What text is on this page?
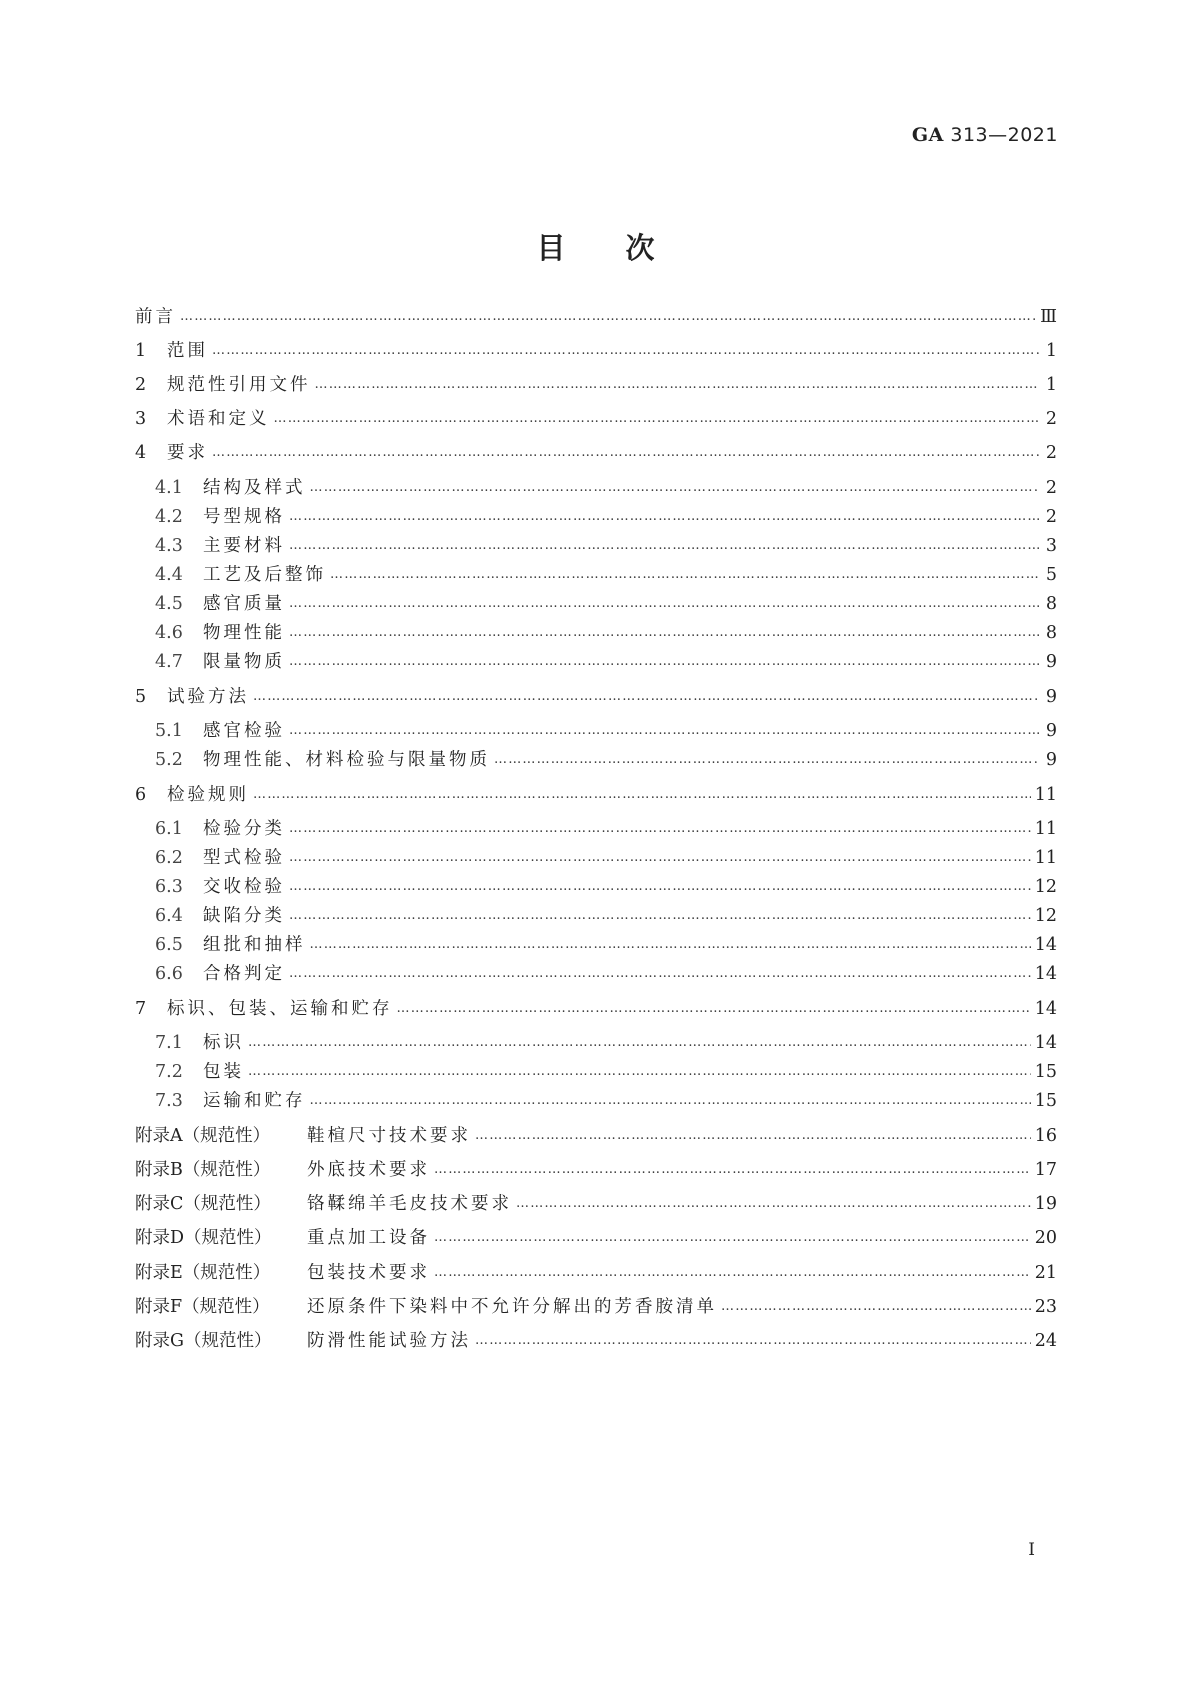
GA 313—2021
目 次
前言 ……………………………………………………………………………………………………………………………………………………………………………………………………………………………………	Ⅲ
1	范围 ……………………………………………………………………………………………………………………………………………………………………………………………………………………………………	1
2	规范性引用文件 ……………………………………………………………………………………………………………………………………………………………………………………………………………………………………	1
3	术语和定义 ……………………………………………………………………………………………………………………………………………………………………………………………………………………………………	2
4	要求 ……………………………………………………………………………………………………………………………………………………………………………………………………………………………………	2
4.1	结构及样式 ……………………………………………………………………………………………………………………………………………………………………………………………………………………………………	2
4.2	号型规格 ……………………………………………………………………………………………………………………………………………………………………………………………………………………………………	2
4.3	主要材料 ……………………………………………………………………………………………………………………………………………………………………………………………………………………………………	3
4.4	工艺及后整饰 ……………………………………………………………………………………………………………………………………………………………………………………………………………………………………	5
4.5	感官质量 ……………………………………………………………………………………………………………………………………………………………………………………………………………………………………	8
4.6	物理性能 ……………………………………………………………………………………………………………………………………………………………………………………………………………………………………	8
4.7	限量物质 ……………………………………………………………………………………………………………………………………………………………………………………………………………………………………	9
5	试验方法 ……………………………………………………………………………………………………………………………………………………………………………………………………………………………………	9
5.1	感官检验 ……………………………………………………………………………………………………………………………………………………………………………………………………………………………………	9
5.2	物理性能、材料检验与限量物质 ……………………………………………………………………………………………………………………………………………………………………………………………………………………………………	9
6	检验规则 ……………………………………………………………………………………………………………………………………………………………………………………………………………………………………	11
6.1	检验分类 ……………………………………………………………………………………………………………………………………………………………………………………………………………………………………	11
6.2	型式检验 ……………………………………………………………………………………………………………………………………………………………………………………………………………………………………	11
6.3	交收检验 ……………………………………………………………………………………………………………………………………………………………………………………………………………………………………	12
6.4	缺陷分类 ……………………………………………………………………………………………………………………………………………………………………………………………………………………………………	12
6.5	组批和抽样 ……………………………………………………………………………………………………………………………………………………………………………………………………………………………………	14
6.6	合格判定 ……………………………………………………………………………………………………………………………………………………………………………………………………………………………………	14
7	标识、包装、运输和贮存 ……………………………………………………………………………………………………………………………………………………………………………………………………………………………………	14
7.1	标识 ……………………………………………………………………………………………………………………………………………………………………………………………………………………………………	14
7.2	包装 ……………………………………………………………………………………………………………………………………………………………………………………………………………………………………	15
7.3	运输和贮存 ……………………………………………………………………………………………………………………………………………………………………………………………………………………………………	15
附录A（规范性）	鞋楦尺寸技术要求 ……………………………………………………………………………………………………………………………………………………………………………………………………………………………………	16
附录B（规范性）	外底技术要求 ……………………………………………………………………………………………………………………………………………………………………………………………………………………………………	17
附录C（规范性）	铬鞣绵羊毛皮技术要求 ……………………………………………………………………………………………………………………………………………………………………………………………………………………………………	19
附录D（规范性）	重点加工设备 ……………………………………………………………………………………………………………………………………………………………………………………………………………………………………	20
附录E（规范性）	包装技术要求 ……………………………………………………………………………………………………………………………………………………………………………………………………………………………………	21
附录F（规范性）	还原条件下染料中不允许分解出的芳香胺清单 ……………………………………………………………………………………………………………………………………………………………………………………………………………………………………	23
附录G（规范性）	防滑性能试验方法 ……………………………………………………………………………………………………………………………………………………………………………………………………………………………………	24
I
